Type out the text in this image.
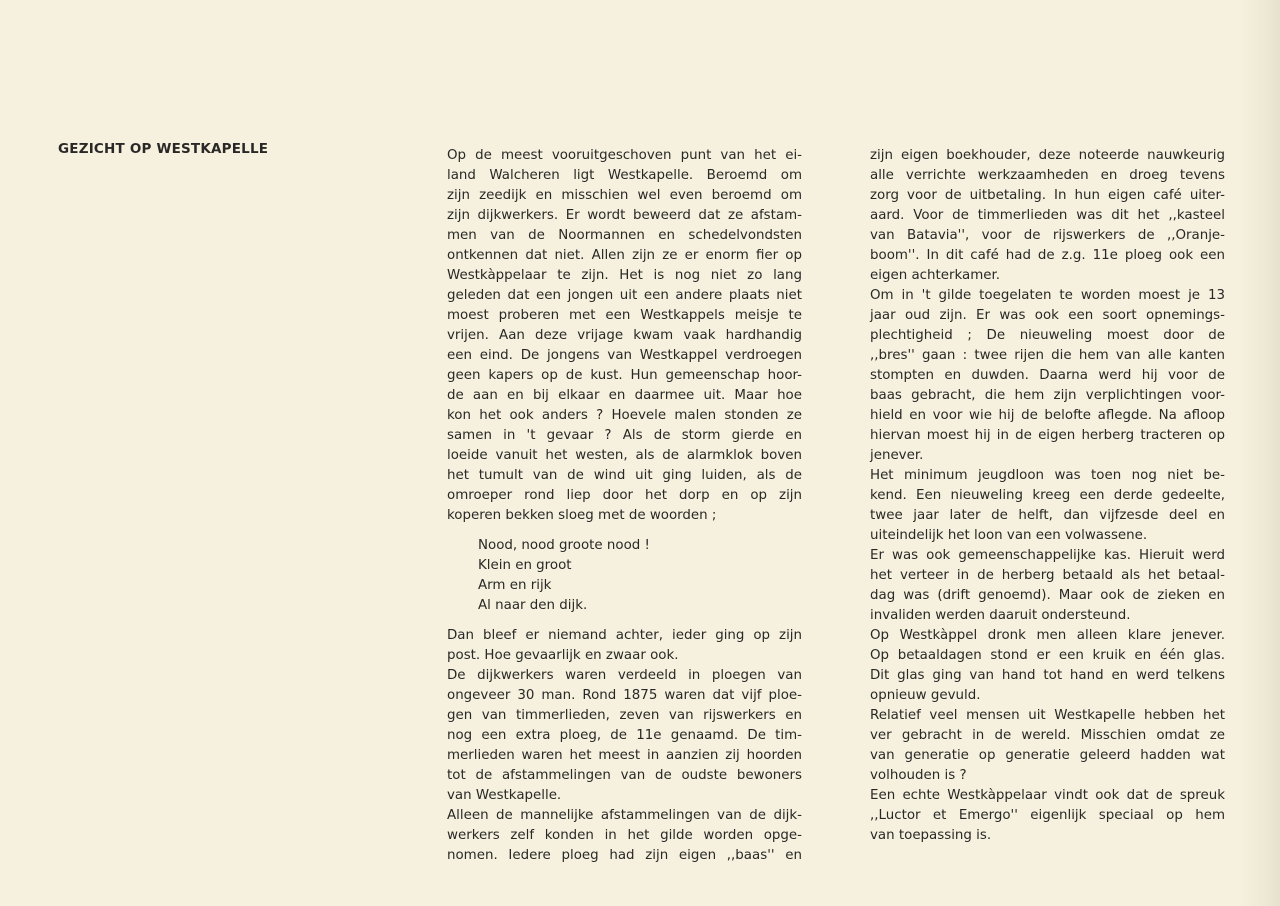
GEZICHT OP WESTKAPELLE	Op de meest vooruitgeschoven punt van het ei-
land Walcheren ligt Westkapelle. Beroemd om
zijn zeedijk en misschien wel even beroemd om
zijn dijkwerkers. Er wordt beweerd dat ze afstam-
men van de Noormannen en schedelvondsten
ontkennen dat niet. Allen zijn ze er enorm fier op
Westkàppelaar te zijn. Het is nog niet zo lang
geleden dat een jongen uit een andere plaats niet
moest proberen met een Westkappels meisje te
vrijen. Aan deze vrijage kwam vaak hardhandig
een eind. De jongens van Westkappel verdroegen
geen kapers op de kust. Hun gemeenschap hoor-
de aan en bij elkaar en daarmee uit. Maar hoe
kon het ook anders ? Hoevele malen stonden ze
samen in 't gevaar ? Als de storm gierde en
loeide vanuit het westen, als de alarmklok boven
het tumult van de wind uit ging luiden, als de
omroeper rond liep door het dorp en op zijn
koperen bekken sloeg met de woorden ;
Nood, nood groote nood !
Klein en groot
Arm en rijk
Al naar den dijk.
Dan bleef er niemand achter, ieder ging op zijn
post. Hoe gevaarlijk en zwaar ook.
De dijkwerkers waren verdeeld in ploegen van
ongeveer 30 man. Rond 1875 waren dat vijf ploe-
gen van timmerlieden, zeven van rijswerkers en
nog een extra ploeg, de 11e genaamd. De tim-
merlieden waren het meest in aanzien zij hoorden
tot de afstammelingen van de oudste bewoners
van Westkapelle.
Alleen de mannelijke afstammelingen van de dijk-
werkers zelf konden in het gilde worden opge-
nomen. Iedere ploeg had zijn eigen ,,baas'' en
zijn eigen boekhouder, deze noteerde nauwkeurig
alle verrichte werkzaamheden en droeg tevens
zorg voor de uitbetaling. In hun eigen café uiter-
aard. Voor de timmerlieden was dit het ,,kasteel
van Batavia'', voor de rijswerkers de ,,Oranje-
boom''. In dit café had de z.g. 11e ploeg ook een
eigen achterkamer.
Om in 't gilde toegelaten te worden moest je 13
jaar oud zijn. Er was ook een soort opnemings-
plechtigheid ; De nieuweling moest door de
,,bres'' gaan : twee rijen die hem van alle kanten
stompten en duwden. Daarna werd hij voor de
baas gebracht, die hem zijn verplichtingen voor-
hield en voor wie hij de belofte aflegde. Na afloop
hiervan moest hij in de eigen herberg tracteren op
jenever.
Het minimum jeugdloon was toen nog niet be-
kend. Een nieuweling kreeg een derde gedeelte,
twee jaar later de helft, dan vijfzesde deel en
uiteindelijk het loon van een volwassene.
Er was ook gemeenschappelijke kas. Hieruit werd
het verteer in de herberg betaald als het betaal-
dag was (drift genoemd). Maar ook de zieken en
invaliden werden daaruit ondersteund.
Op Westkàppel dronk men alleen klare jenever.
Op betaaldagen stond er een kruik en één glas.
Dit glas ging van hand tot hand en werd telkens
opnieuw gevuld.
Relatief veel mensen uit Westkapelle hebben het
ver gebracht in de wereld. Misschien omdat ze
van generatie op generatie geleerd hadden wat
volhouden is ?
Een echte Westkàppelaar vindt ook dat de spreuk
,,Luctor et Emergo'' eigenlijk speciaal op hem
van toepassing is.
